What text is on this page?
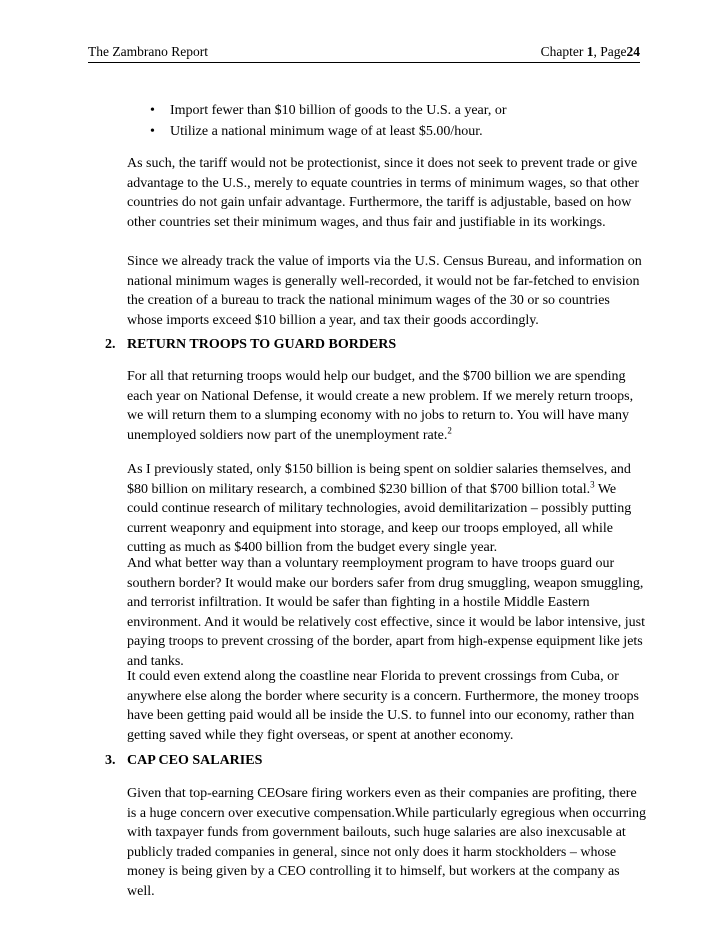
The Zambrano Report	Chapter 1, Page24
• Import fewer than $10 billion of goods to the U.S. a year, or
• Utilize a national minimum wage of at least $5.00/hour.

As such, the tariff would not be protectionist, since it does not seek to prevent trade or give advantage to the U.S., merely to equate countries in terms of minimum wages, so that other countries do not gain unfair advantage. Furthermore, the tariff is adjustable, based on how other countries set their minimum wages, and thus fair and justifiable in its workings.

Since we already track the value of imports via the U.S. Census Bureau, and information on national minimum wages is generally well-recorded, it would not be far-fetched to envision the creation of a bureau to track the national minimum wages of the 30 or so countries whose imports exceed $10 billion a year, and tax their goods accordingly.

2. RETURN TROOPS TO GUARD BORDERS

For all that returning troops would help our budget, and the $700 billion we are spending each year on National Defense, it would create a new problem. If we merely return troops, we will return them to a slumping economy with no jobs to return to. You will have many unemployed soldiers now part of the unemployment rate.$^2$

As I previously stated, only $150 billion is being spent on soldier salaries themselves, and $80 billion on military research, a combined $230 billion of that $700 billion total.$^3$ We could continue research of military technologies, avoid demilitarization – possibly putting current weaponry and equipment into storage, and keep our troops employed, all while cutting as much as $400 billion from the budget every single year.

And what better way than a voluntary reemployment program to have troops guard our southern border? It would make our borders safer from drug smuggling, weapon smuggling, and terrorist infiltration. It would be safer than fighting in a hostile Middle Eastern environment. And it would be relatively cost effective, since it would be labor intensive, just paying troops to prevent crossing of the border, apart from high-expense equipment like jets and tanks.

It could even extend along the coastline near Florida to prevent crossings from Cuba, or anywhere else along the border where security is a concern. Furthermore, the money troops have been getting paid would all be inside the U.S. to funnel into our economy, rather than getting saved while they fight overseas, or spent at another economy.

3. CAP CEO SALARIES

Given that top-earning CEOsare firing workers even as their companies are profiting, there is a huge concern over executive compensation.While particularly egregious when occurring with taxpayer funds from government bailouts, such huge salaries are also inexcusable at publicly traded companies in general, since not only does it harm stockholders – whose money is being given by a CEO controlling it to himself, but workers at the company as well.
